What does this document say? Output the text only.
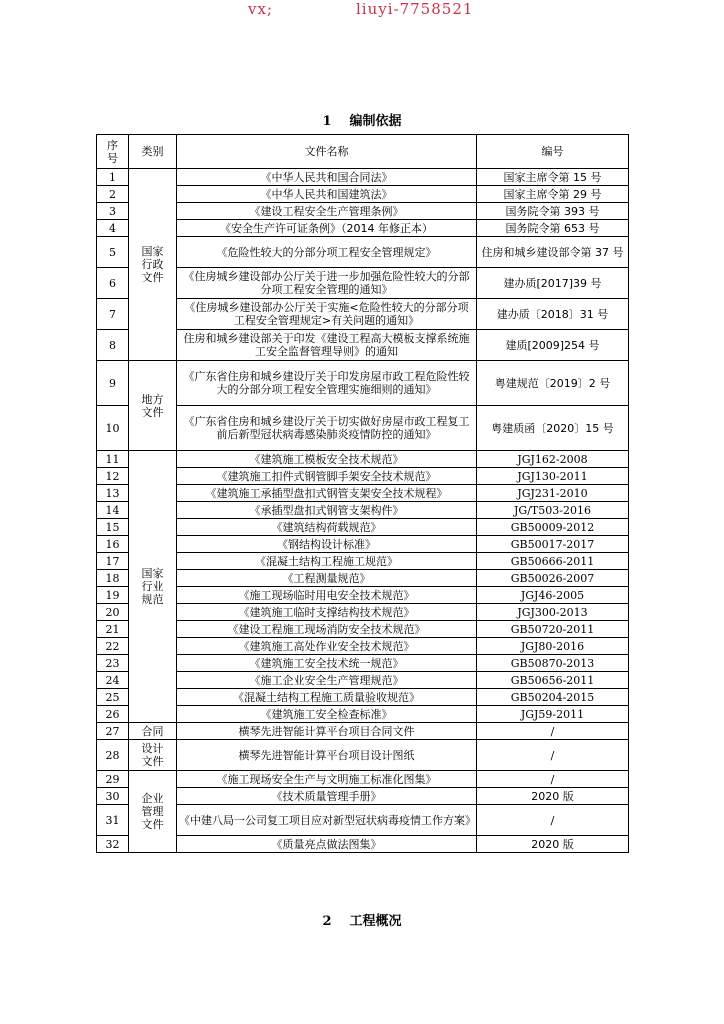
vx;	liuyi-7758521
1 编制依据
序号	类别	文件名称	编号
1	国家行政文件	《中华人民共和国合同法》	国家主席令第 15 号
2		《中华人民共和国建筑法》	国家主席令第 29 号
3		《建设工程安全生产管理条例》	国务院令第 393 号
4		《安全生产许可证条例》（2014 年修正本）	国务院令第 653 号
5		《危险性较大的分部分项工程安全管理规定》	住房和城乡建设部令第 37 号
6		《住房城乡建设部办公厅关于进一步加强危险性较大的分部分项工程安全管理的通知》	建办质[2017]39 号
7		《住房城乡建设部办公厅关于实施<危险性较大的分部分项工程安全管理规定>有关问题的通知》	建办质〔2018〕31 号
8		住房和城乡建设部关于印发《建设工程高大模板支撑系统施工安全监督管理导则》的通知	建质[2009]254 号
9	地方文件	《广东省住房和城乡建设厅关于印发房屋市政工程危险性较大的分部分项工程安全管理实施细则的通知》	粤建规范〔2019〕2 号
10		《广东省住房和城乡建设厅关于切实做好房屋市政工程复工前后新型冠状病毒感染肺炎疫情防控的通知》	粤建质函〔2020〕15 号
11	国家行业规范	《建筑施工模板安全技术规范》	JGJ162-2008
12		《建筑施工扣件式钢管脚手架安全技术规范》	JGJ130-2011
13		《建筑施工承插型盘扣式钢管支架安全技术规程》	JGJ231-2010
14		《承插型盘扣式钢管支架构件》	JG/T503-2016
15		《建筑结构荷载规范》	GB50009-2012
16		《钢结构设计标准》	GB50017-2017
17		《混凝土结构工程施工规范》	GB50666-2011
18		《工程测量规范》	GB50026-2007
19		《施工现场临时用电安全技术规范》	JGJ46-2005
20		《建筑施工临时支撑结构技术规范》	JGJ300-2013
21		《建设工程施工现场消防安全技术规范》	GB50720-2011
22		《建筑施工高处作业安全技术规范》	JGJ80-2016
23		《建筑施工安全技术统一规范》	GB50870-2013
24		《施工企业安全生产管理规范》	GB50656-2011
25		《混凝土结构工程施工质量验收规范》	GB50204-2015
26		《建筑施工安全检查标准》	JGJ59-2011
27	合同	横琴先进智能计算平台项目合同文件	/
28	设计文件	横琴先进智能计算平台项目设计图纸	/
29	企业管理文件	《施工现场安全生产与文明施工标准化图集》	/
30		《技术质量管理手册》	2020 版
31		《中建八局一公司复工项目应对新型冠状病毒疫情工作方案》	/
32		《质量亮点做法图集》	2020 版
2 工程概况
